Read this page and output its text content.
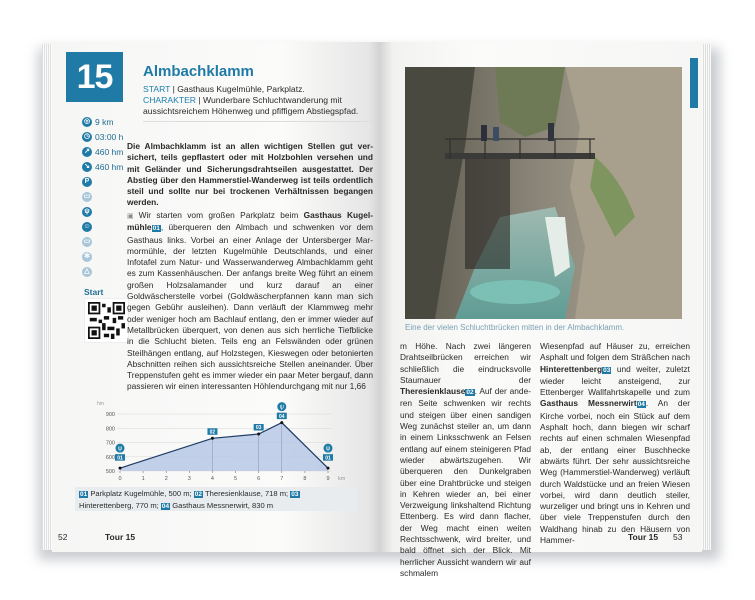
15	Almbachklamm
START | Gasthaus Kugelmühle, Parkplatz.
CHARAKTER | Wunderbare Schluchtwanderung mit aussichtsreichem Höhenweg und pfiffigem Abstiegspfad.
◎ 9 km
◷ 03:00 h
↗ 460 hm
↘ 460 hm
P
▭
ψ
☺
▭
✻
△
Start
Die Almbachklamm ist an allen wichtigen Stellen gut versichert, teils gepflastert oder mit Holzbohlen versehen und mit Geländer und Sicherungsdrahtseilen ausgestattet. Der Abstieg über den Hammerstiel-Wanderweg ist teils ordentlich steil und sollte nur bei trockenen Verhältnissen begangen werden.
▣ Wir starten vom großen Parkplatz beim Gasthaus Kugelmühle01, überqueren den Almbach und schwenken vor dem Gasthaus links. Vorbei an einer Anlage der Untersberger Marmormühle, der letzten Kugelmühle Deutschlands, und einer Infotafel zum Natur- und Wasserwanderweg Almbachklamm geht es zum Kassenhäuschen. Der anfangs breite Weg führt an einem großen Holzsalamander und kurz darauf an einer Goldwäscherstelle vorbei (Goldwäscherpfannen kann man sich gegen Gebühr ausleihen). Dann verläuft der Klammweg mehr oder weniger hoch am Bachlauf entlang, den er immer wieder auf Metallbrücken überquert, von denen aus sich herrliche Tiefblicke in die Schlucht bieten. Teils eng an Felswänden oder grünen Steilhängen entlang, auf Holzstegen, Kieswegen oder betonierten Abschnitten reihen sich aussichtsreiche Stellen aneinander. Über Treppenstufen geht es immer wieder ein paar Meter bergauf, dann passieren wir einen interessanten Höhlendurchgang mit nur 1,66
hm
500
600
700
800
900
0	1	2	3	4	5	6	7	8	9 km
01
ψ
02
03
04
ψ
01
ψ
01 Parkplatz Kugelmühle, 500 m; 02 Theresienklause, 718 m; 03 Hinterettenberg, 770 m; 04 Gasthaus Messnerwirt, 830 m
52	Tour 15
Eine der vielen Schluchtbrücken mitten in der Almbachklamm.
m Höhe. Nach zwei längeren Drahtseilbrücken erreichen wir schließlich die eindrucksvolle Staumauer der Theresienklause02. Auf der anderen Seite schwenken wir rechts und steigen über einen sandigen Weg zunächst steiler an, um dann in einem Linksschwenk an Felsen entlang auf einem steinigeren Pfad wieder abwärtszugehen. Wir überqueren den Dunkelgraben über eine Drahtbrücke und steigen in Kehren wieder an, bei einer Verzweigung linkshaltend Richtung Ettenberg. Es wird dann flacher, der Weg macht einen weiten Rechtsschwenk, wird breiter, und bald öffnet sich der Blick. Mit herrlicher Aussicht wandern wir auf schmalem
Wiesenpfad auf Häuser zu, erreichen Asphalt und folgen dem Sträßchen nach Hinterettenberg03 und weiter, zuletzt wieder leicht ansteigend, zur Ettenberger Wallfahrtskapelle und zum Gasthaus Messnerwirt04. An der Kirche vorbei, noch ein Stück auf dem Asphalt hoch, dann biegen wir scharf rechts auf einen schmalen Wiesenpfad ab, der entlang einer Buschhecke abwärts führt. Der sehr aussichtsreiche Weg (Hammerstiel-Wanderweg) verläuft durch Waldstücke und an freien Wiesen vorbei, wird dann deutlich steiler, wurzeliger und bringt uns in Kehren und über viele Treppenstufen durch den Waldhang hinab zu den Häusern von Hammer-	Tour 15 53
